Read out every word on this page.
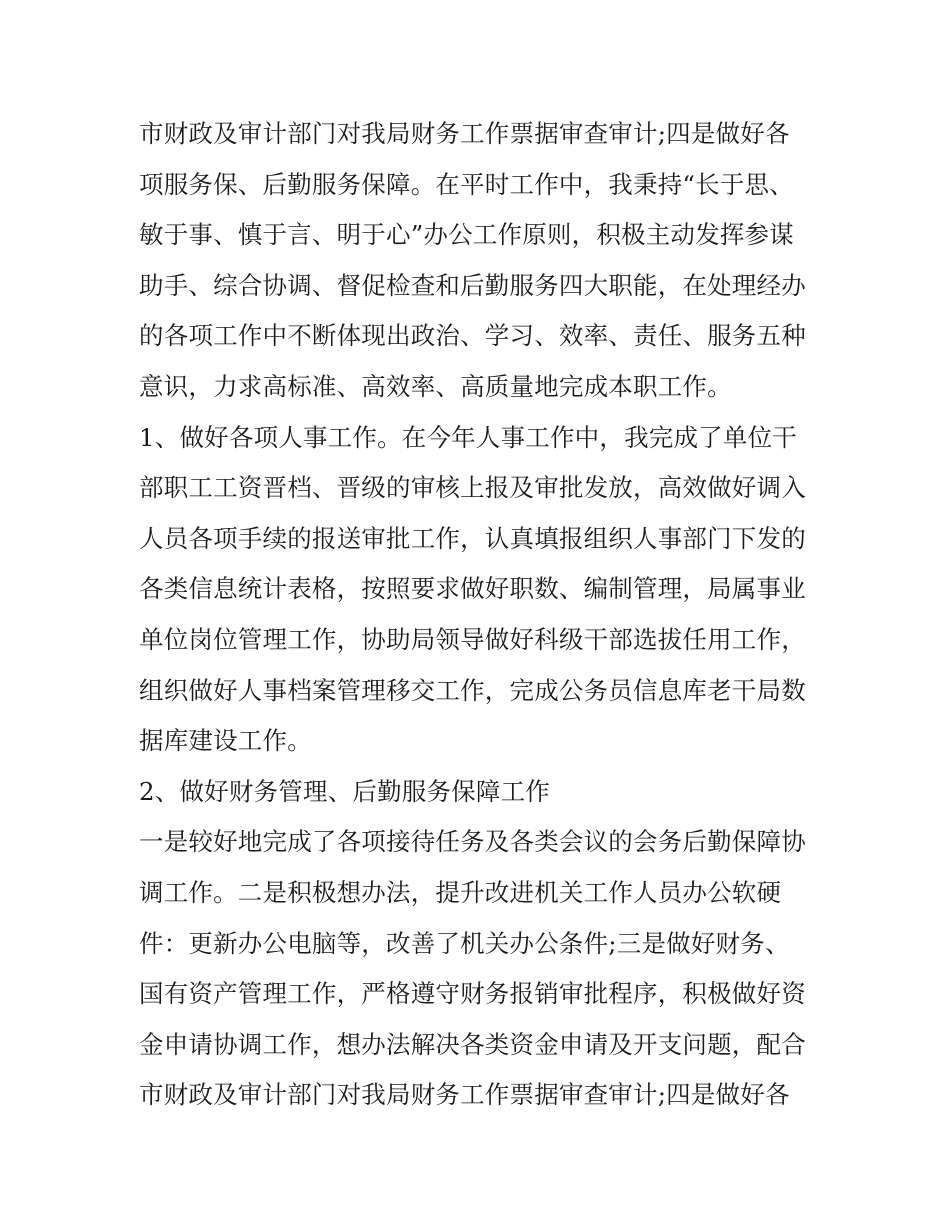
市财政及审计部门对我局财务工作票据审查审计;四是做好各
项服务保、后勤服务保障。在平时工作中，我秉持“长于思、
敏于事、慎于言、明于心”办公工作原则，积极主动发挥参谋
助手、综合协调、督促检查和后勤服务四大职能，在处理经办
的各项工作中不断体现出政治、学习、效率、责任、服务五种
意识，力求高标准、高效率、高质量地完成本职工作。
1、做好各项人事工作。在今年人事工作中，我完成了单位干
部职工工资晋档、晋级的审核上报及审批发放，高效做好调入
人员各项手续的报送审批工作，认真填报组织人事部门下发的
各类信息统计表格，按照要求做好职数、编制管理，局属事业
单位岗位管理工作，协助局领导做好科级干部选拔任用工作，
组织做好人事档案管理移交工作，完成公务员信息库老干局数
据库建设工作。
2、做好财务管理、后勤服务保障工作
一是较好地完成了各项接待任务及各类会议的会务后勤保障协
调工作。二是积极想办法，提升改进机关工作人员办公软硬
件：更新办公电脑等，改善了机关办公条件;三是做好财务、
国有资产管理工作，严格遵守财务报销审批程序，积极做好资
金申请协调工作，想办法解决各类资金申请及开支问题，配合
市财政及审计部门对我局财务工作票据审查审计;四是做好各
